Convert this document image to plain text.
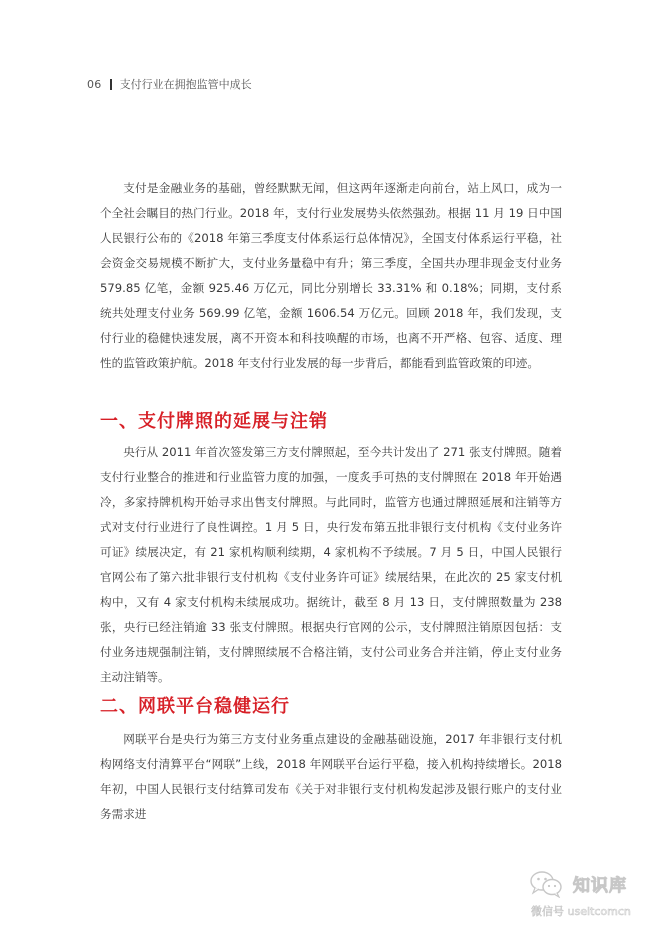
06 支付行业在拥抱监管中成长

支付是金融业务的基础，曾经默默无闻，但这两年逐渐走向前台，站上风口，成为一个全社会瞩目的热门行业。2018 年，支付行业发展势头依然强劲。根据 11 月 19 日中国人民银行公布的《2018 年第三季度支付体系运行总体情况》，全国支付体系运行平稳，社会资金交易规模不断扩大，支付业务量稳中有升；第三季度，全国共办理非现金支付业务579.85 亿笔，金额 925.46 万亿元，同比分别增长 33.31% 和 0.18%；同期，支付系统共处理支付业务 569.99 亿笔，金额 1606.54 万亿元。回顾 2018 年，我们发现，支付行业的稳健快速发展，离不开资本和科技唤醒的市场，也离不开严格、包容、适度、理性的监管政策护航。2018 年支付行业发展的每一步背后，都能看到监管政策的印迹。

一、支付牌照的延展与注销

央行从 2011 年首次签发第三方支付牌照起，至今共计发出了 271 张支付牌照。随着支付行业整合的推进和行业监管力度的加强，一度炙手可热的支付牌照在 2018 年开始遇冷，多家持牌机构开始寻求出售支付牌照。与此同时，监管方也通过牌照延展和注销等方式对支付行业进行了良性调控。1 月 5 日，央行发布第五批非银行支付机构《支付业务许可证》续展决定，有 21 家机构顺利续期，4 家机构不予续展。7 月 5 日，中国人民银行官网公布了第六批非银行支付机构《支付业务许可证》续展结果，在此次的 25 家支付机构中，又有 4 家支付机构未续展成功。据统计，截至 8 月 13 日，支付牌照数量为 238 张，央行已经注销逾 33 张支付牌照。根据央行官网的公示，支付牌照注销原因包括：支付业务违规强制注销，支付牌照续展不合格注销，支付公司业务合并注销，停止支付业务主动注销等。

二、网联平台稳健运行

网联平台是央行为第三方支付业务重点建设的金融基础设施，2017 年非银行支付机构网络支付清算平台“网联”上线，2018 年网联平台运行平稳，接入机构持续增长。2018 年初，中国人民银行支付结算司发布《关于对非银行支付机构发起涉及银行账户的支付业务需求进

知识库
微信号 useitcomcn
